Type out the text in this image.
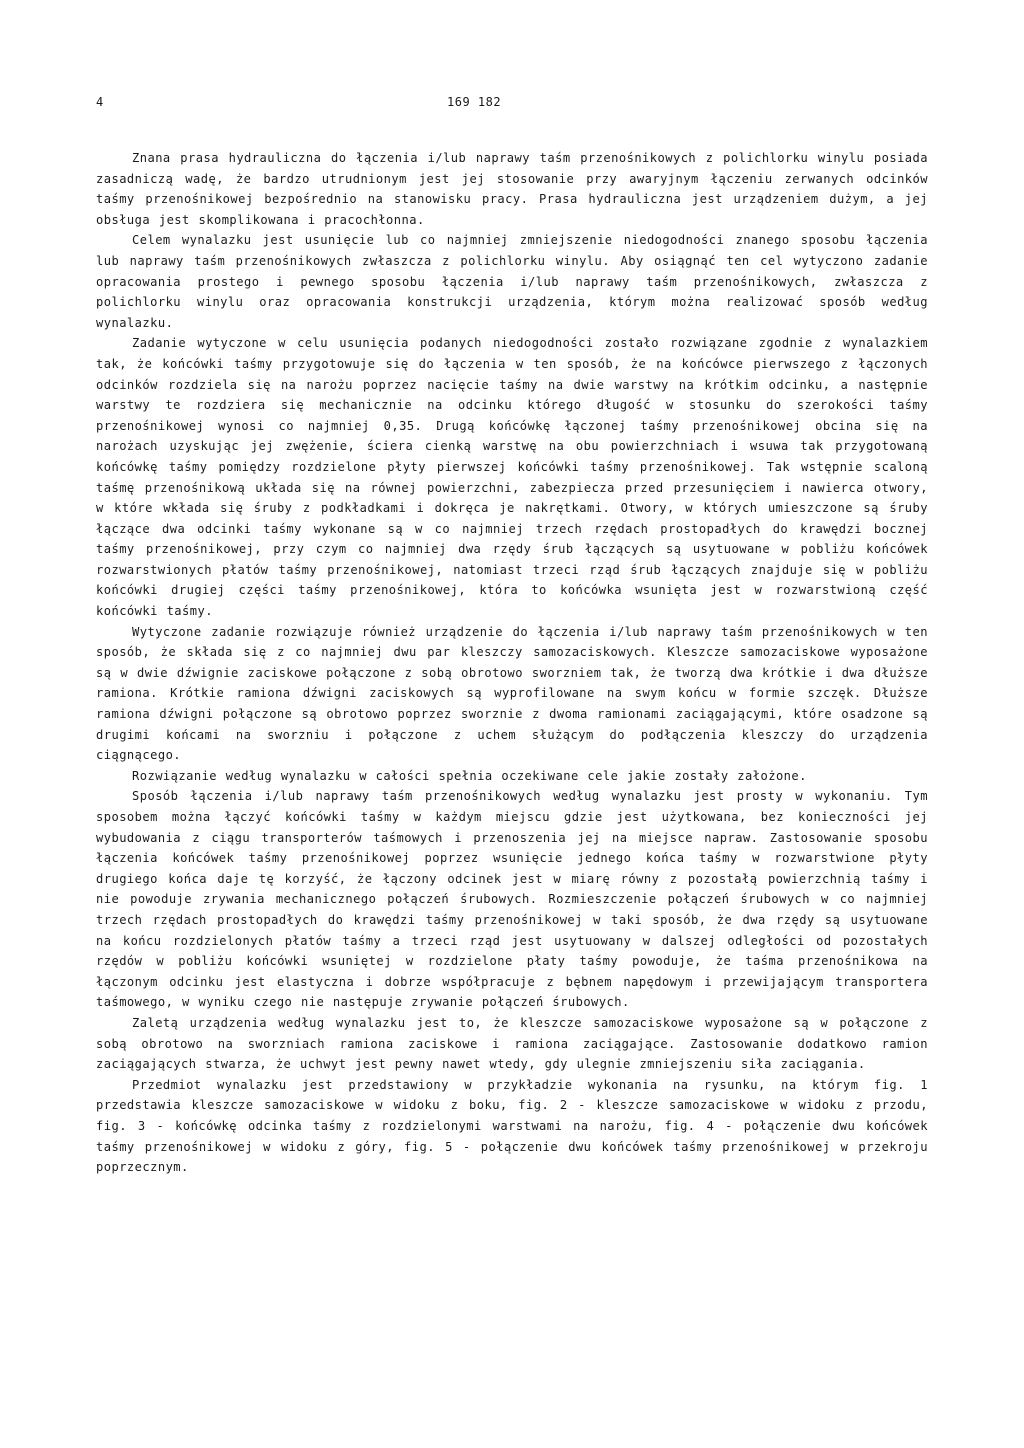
4	169 182

Znana prasa hydrauliczna do łączenia i/lub naprawy taśm przenośnikowych z polichlorku winylu posiada zasadniczą wadę, że bardzo utrudnionym jest jej stosowanie przy awaryjnym łączeniu zerwanych odcinków taśmy przenośnikowej bezpośrednio na stanowisku pracy. Prasa hydrauliczna jest urządzeniem dużym, a jej obsługa jest skomplikowana i pracochłonna.

Celem wynalazku jest usunięcie lub co najmniej zmniejszenie niedogodności znanego sposobu łączenia lub naprawy taśm przenośnikowych zwłaszcza z polichlorku winylu. Aby osiągnąć ten cel wytyczono zadanie opracowania prostego i pewnego sposobu łączenia i/lub naprawy taśm przenośnikowych, zwłaszcza z polichlorku winylu oraz opracowania konstrukcji urządzenia, którym można realizować sposób według wynalazku.

Zadanie wytyczone w celu usunięcia podanych niedogodności zostało rozwiązane zgodnie z wynalazkiem tak, że końcówki taśmy przygotowuje się do łączenia w ten sposób, że na końcówce pierwszego z łączonych odcinków rozdziela się na narożu poprzez nacięcie taśmy na dwie warstwy na krótkim odcinku, a następnie warstwy te rozdziera się mechanicznie na odcinku którego długość w stosunku do szerokości taśmy przenośnikowej wynosi co najmniej 0,35. Drugą końcówkę łączonej taśmy przenośnikowej obcina się na narożach uzyskując jej zwężenie, ściera cienką warstwę na obu powierzchniach i wsuwa tak przygotowaną końcówkę taśmy pomiędzy rozdzielone płyty pierwszej końcówki taśmy przenośnikowej. Tak wstępnie scaloną taśmę przenośnikową układa się na równej powierzchni, zabezpiecza przed przesunięciem i nawierca otwory, w które wkłada się śruby z podkładkami i dokręca je nakrętkami. Otwory, w których umieszczone są śruby łączące dwa odcinki taśmy wykonane są w co najmniej trzech rzędach prostopadłych do krawędzi bocznej taśmy przenośnikowej, przy czym co najmniej dwa rzędy śrub łączących są usytuowane w pobliżu końcówek rozwarstwionych płatów taśmy przenośnikowej, natomiast trzeci rząd śrub łączących znajduje się w pobliżu końcówki drugiej części taśmy przenośnikowej, która to końcówka wsunięta jest w rozwarstwioną część końcówki taśmy.

Wytyczone zadanie rozwiązuje również urządzenie do łączenia i/lub naprawy taśm przenośnikowych w ten sposób, że składa się z co najmniej dwu par kleszczy samozaciskowych. Kleszcze samozaciskowe wyposażone są w dwie dźwignie zaciskowe połączone z sobą obrotowo sworzniem tak, że tworzą dwa krótkie i dwa dłuższe ramiona. Krótkie ramiona dźwigni zaciskowych są wyprofilowane na swym końcu w formie szczęk. Dłuższe ramiona dźwigni połączone są obrotowo poprzez sworznie z dwoma ramionami zaciągającymi, które osadzone są drugimi końcami na sworzniu i połączone z uchem służącym do podłączenia kleszczy do urządzenia ciągnącego.

Rozwiązanie według wynalazku w całości spełnia oczekiwane cele jakie zostały założone.

Sposób łączenia i/lub naprawy taśm przenośnikowych według wynalazku jest prosty w wykonaniu. Tym sposobem można łączyć końcówki taśmy w każdym miejscu gdzie jest użytkowana, bez konieczności jej wybudowania z ciągu transporterów taśmowych i przenoszenia jej na miejsce napraw. Zastosowanie sposobu łączenia końcówek taśmy przenośnikowej poprzez wsunięcie jednego końca taśmy w rozwarstwione płyty drugiego końca daje tę korzyść, że łączony odcinek jest w miarę równy z pozostałą powierzchnią taśmy i nie powoduje zrywania mechanicznego połączeń śrubowych. Rozmieszczenie połączeń śrubowych w co najmniej trzech rzędach prostopadłych do krawędzi taśmy przenośnikowej w taki sposób, że dwa rzędy są usytuowane na końcu rozdzielonych płatów taśmy a trzeci rząd jest usytuowany w dalszej odległości od pozostałych rzędów w pobliżu końcówki wsuniętej w rozdzielone płaty taśmy powoduje, że taśma przenośnikowa na łączonym odcinku jest elastyczna i dobrze współpracuje z bębnem napędowym i przewijającym transportera taśmowego, w wyniku czego nie następuje zrywanie połączeń śrubowych.

Zaletą urządzenia według wynalazku jest to, że kleszcze samozaciskowe wyposażone są w połączone z sobą obrotowo na sworzniach ramiona zaciskowe i ramiona zaciągające. Zastosowanie dodatkowo ramion zaciągających stwarza, że uchwyt jest pewny nawet wtedy, gdy ulegnie zmniejszeniu siła zaciągania.

Przedmiot wynalazku jest przedstawiony w przykładzie wykonania na rysunku, na którym fig. 1 przedstawia kleszcze samozaciskowe w widoku z boku, fig. 2 - kleszcze samozaciskowe w widoku z przodu, fig. 3 - końcówkę odcinka taśmy z rozdzielonymi warstwami na narożu, fig. 4 - połączenie dwu końcówek taśmy przenośnikowej w widoku z góry, fig. 5 - połączenie dwu końcówek taśmy przenośnikowej w przekroju poprzecznym.
